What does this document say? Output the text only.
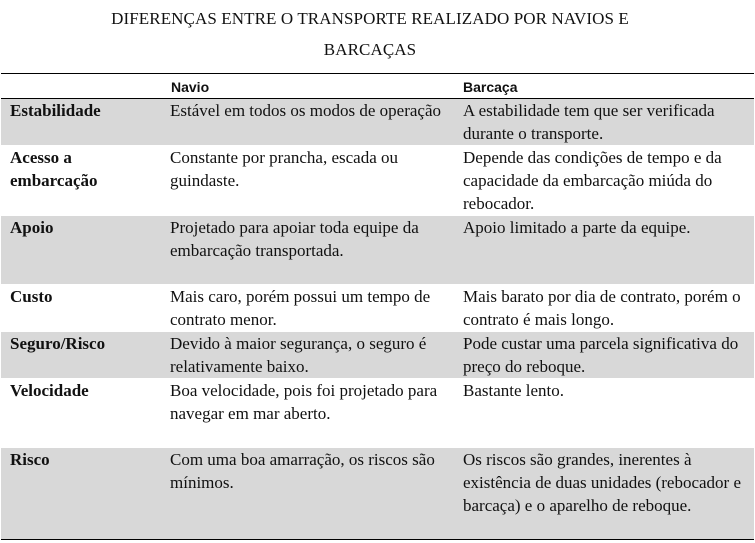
DIFERENÇAS ENTRE O TRANSPORTE REALIZADO POR NAVIOS E
BARCAÇAS
	Navio	Barcaça
Estabilidade	Estável em todos os modos de operação	A estabilidade tem que ser verificada durante o transporte.
Acesso a embarcação	Constante por prancha, escada ou guindaste.	Depende das condições de tempo e da capacidade da embarcação miúda do rebocador.
Apoio	Projetado para apoiar toda equipe da embarcação transportada.	Apoio limitado a parte da equipe.
Custo	Mais caro, porém possui um tempo de contrato menor.	Mais barato por dia de contrato, porém o contrato é mais longo.
Seguro/Risco	Devido à maior segurança, o seguro é relativamente baixo.	Pode custar uma parcela significativa do preço do reboque.
Velocidade	Boa velocidade, pois foi projetado para navegar em mar aberto.	Bastante lento.
Risco	Com uma boa amarração, os riscos são mínimos.	Os riscos são grandes, inerentes à existência de duas unidades (rebocador e barcaça) e o aparelho de reboque.
